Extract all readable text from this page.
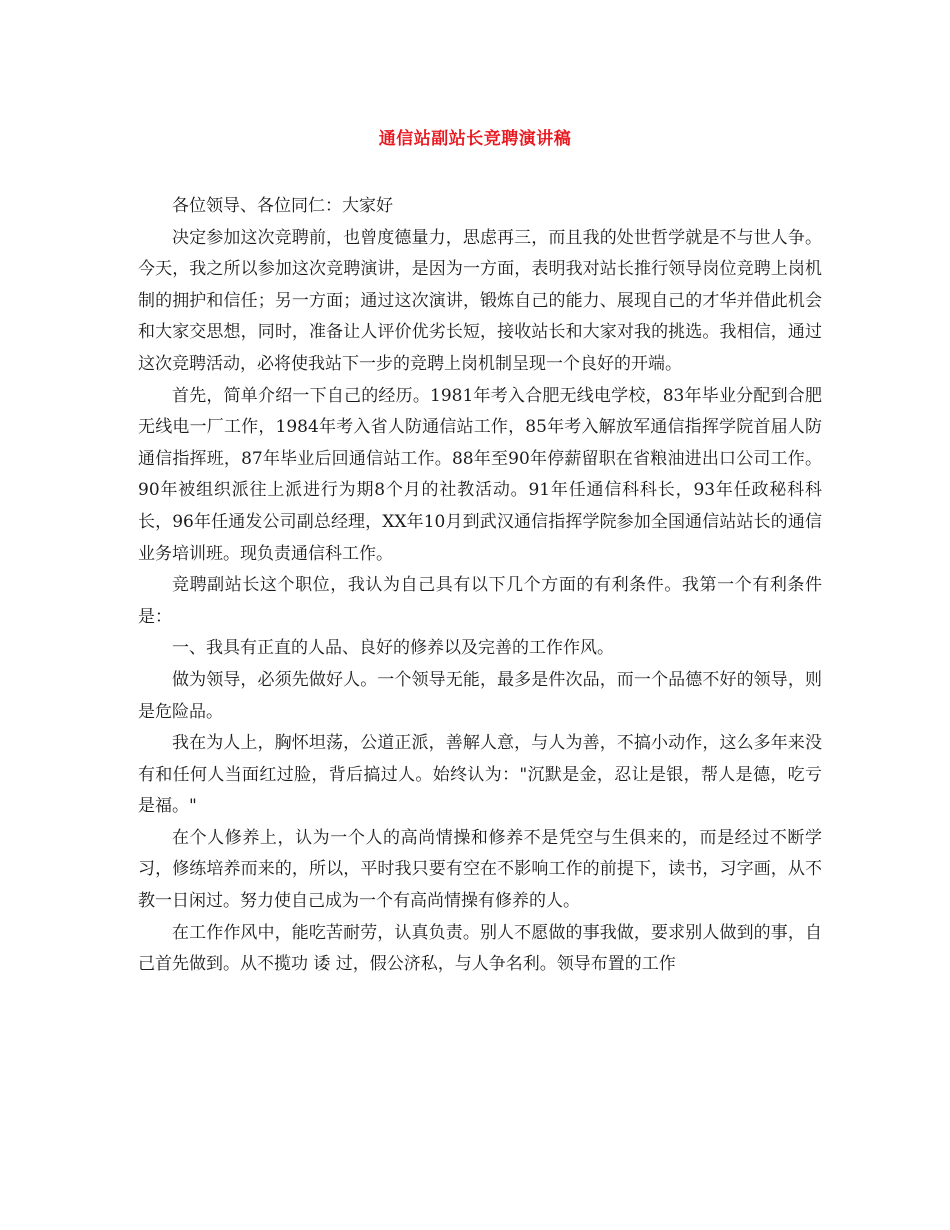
通信站副站长竞聘演讲稿

各位领导、各位同仁：大家好

决定参加这次竞聘前，也曾度德量力，思虑再三，而且我的处世哲学就是不与世人争。今天，我之所以参加这次竞聘演讲，是因为一方面，表明我对站长推行领导岗位竞聘上岗机制的拥护和信任；另一方面；通过这次演讲，锻炼自己的能力、展现自己的才华并借此机会和大家交思想，同时，准备让人评价优劣长短，接收站长和大家对我的挑选。我相信，通过这次竞聘活动，必将使我站下一步的竞聘上岗机制呈现一个良好的开端。

首先，简单介绍一下自己的经历。1981年考入合肥无线电学校，83年毕业分配到合肥无线电一厂工作，1984年考入省人防通信站工作，85年考入解放军通信指挥学院首届人防通信指挥班，87年毕业后回通信站工作。88年至90年停薪留职在省粮油进出口公司工作。90年被组织派往上派进行为期8个月的社教活动。91年任通信科科长，93年任政秘科科长，96年任通发公司副总经理，XX年10月到武汉通信指挥学院参加全国通信站站长的通信业务培训班。现负责通信科工作。

竞聘副站长这个职位，我认为自己具有以下几个方面的有利条件。我第一个有利条件是：

一、我具有正直的人品、良好的修养以及完善的工作作风。

做为领导，必须先做好人。一个领导无能，最多是件次品，而一个品德不好的领导，则是危险品。

我在为人上，胸怀坦荡，公道正派，善解人意，与人为善，不搞小动作，这么多年来没有和任何人当面红过脸，背后搞过人。始终认为："沉默是金，忍让是银，帮人是德，吃亏是福。"

在个人修养上，认为一个人的高尚情操和修养不是凭空与生俱来的，而是经过不断学习，修练培养而来的，所以，平时我只要有空在不影响工作的前提下，读书，习字画，从不教一日闲过。努力使自己成为一个有高尚情操有修养的人。

在工作作风中，能吃苦耐劳，认真负责。别人不愿做的事我做，要求别人做到的事，自己首先做到。从不揽功 诿 过，假公济私，与人争名利。领导布置的工作
